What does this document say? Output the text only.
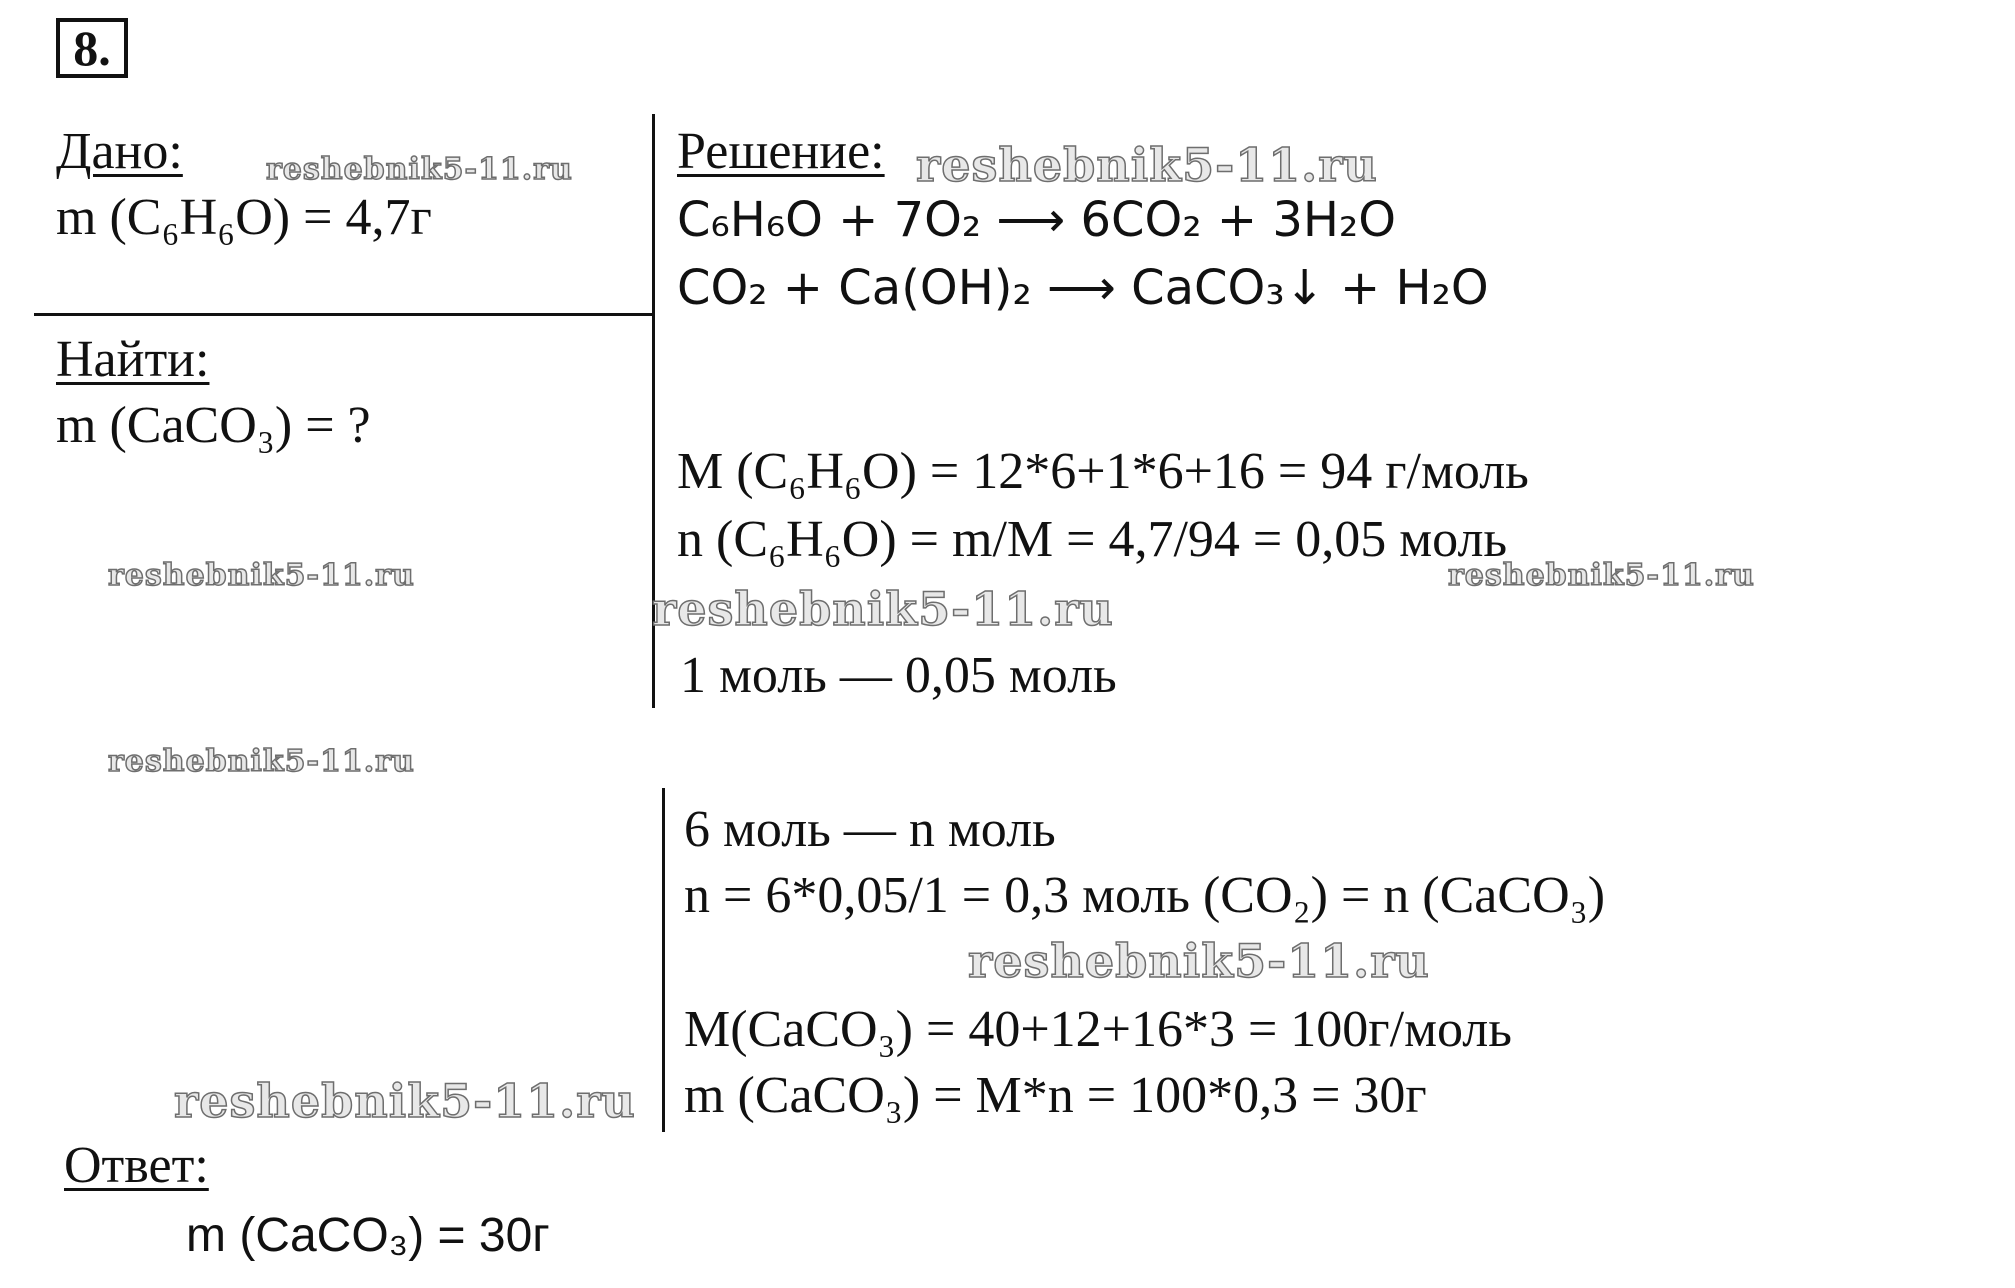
8.
Дано:
m (C₆H₆O) = 4,7г
Найти:
m (CaCO₃) = ?
Решение:
C₆H₆O + 7O₂ ⟶ 6CO₂ + 3H₂O
CO₂ + Ca(OH)₂ ⟶ CaCO₃↓ + H₂O
M (C₆H₆O) = 12*6+1*6+16 = 94 г/моль
n (C₆H₆O) = m/M = 4,7/94 = 0,05 моль
1 моль — 0,05 моль
6 моль — n моль
n = 6*0,05/1 = 0,3 моль (CO₂) = n (CaCO₃)
M(CaCO₃) = 40+12+16*3 = 100г/моль
m (CaCO₃) = M*n = 100*0,3 = 30г
Ответ:
m (CaCO₃) = 30г
reshebnik5-11.ru	reshebnik5-11.ru
reshebnik5-11.ru	reshebnik5-11.ru
reshebnik5-11.ru
reshebnik5-11.ru
reshebnik5-11.ru
reshebnik5-11.ru
